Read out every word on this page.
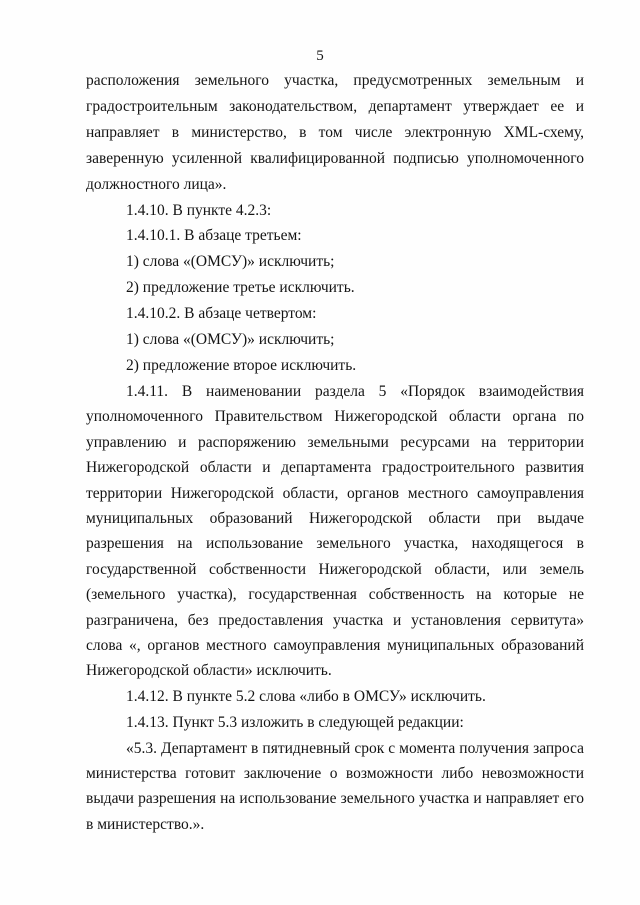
5

расположения земельного участка, предусмотренных земельным и градостроительным законодательством, департамент утверждает ее и направляет в министерство, в том числе электронную XML-схему, заверенную усиленной квалифицированной подписью уполномоченного должностного лица».

1.4.10. В пункте 4.2.3:

1.4.10.1. В абзаце третьем:

1) слова «(ОМСУ)» исключить;

2) предложение третье исключить.

1.4.10.2. В абзаце четвертом:

1) слова «(ОМСУ)» исключить;

2) предложение второе исключить.

1.4.11. В наименовании раздела 5 «Порядок взаимодействия уполномоченного Правительством Нижегородской области органа по управлению и распоряжению земельными ресурсами на территории Нижегородской области и департамента градостроительного развития территории Нижегородской области, органов местного самоуправления муниципальных образований Нижегородской области при выдаче разрешения на использование земельного участка, находящегося в государственной собственности Нижегородской области, или земель (земельного участка), государственная собственность на которые не разграничена, без предоставления участка и установления сервитута» слова «, органов местного самоуправления муниципальных образований Нижегородской области» исключить.

1.4.12. В пункте 5.2 слова «либо в ОМСУ» исключить.

1.4.13. Пункт 5.3 изложить в следующей редакции:

«5.3. Департамент в пятидневный срок с момента получения запроса министерства готовит заключение о возможности либо невозможности выдачи разрешения на использование земельного участка и направляет его в министерство.».
